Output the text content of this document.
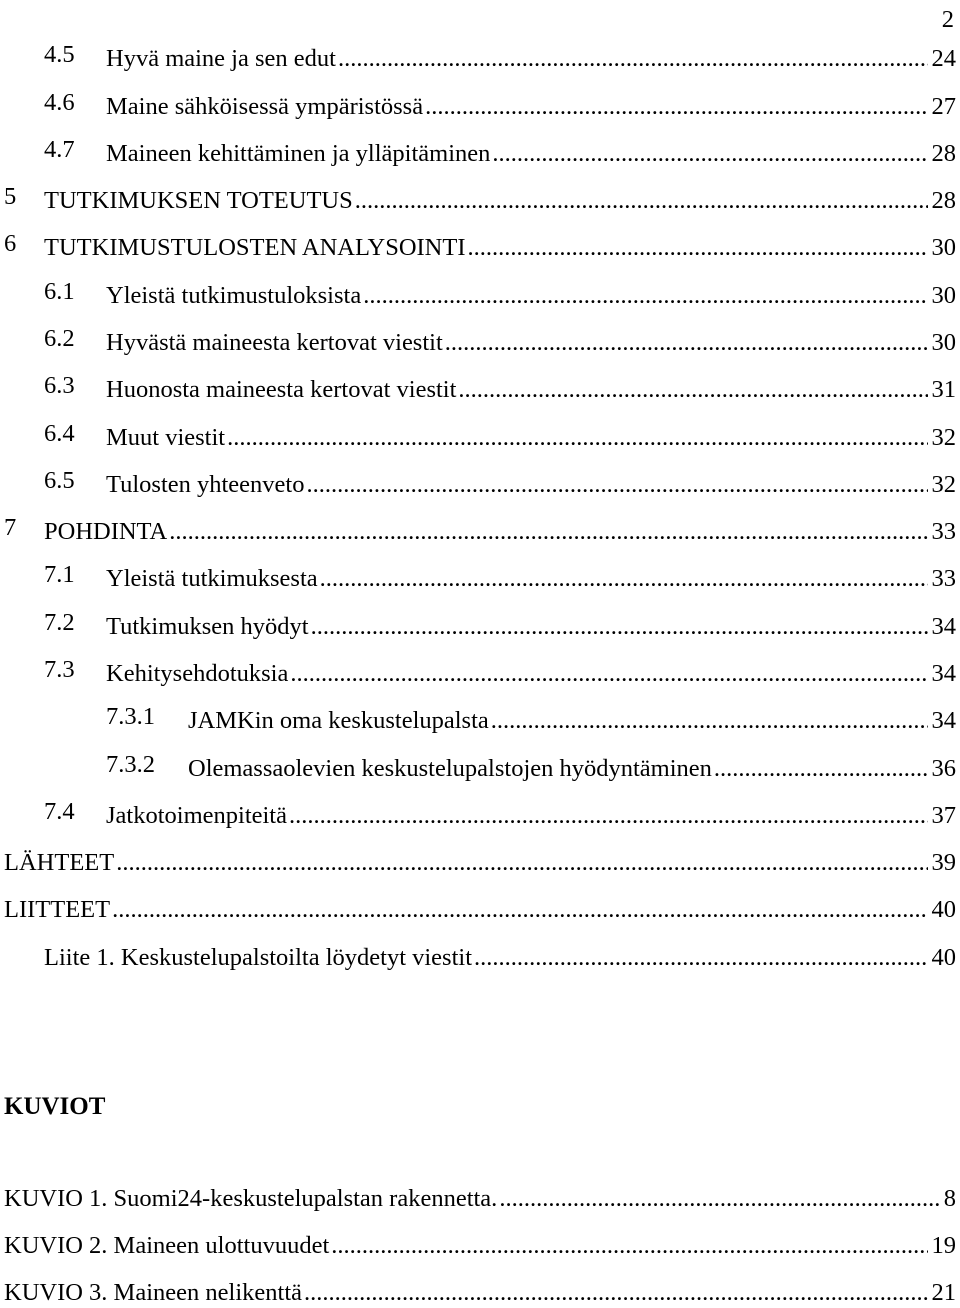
2
4.5 Hyvä maine ja sen edut .....	24
4.6 Maine sähköisessä ympäristössä .....	27
4.7 Maineen kehittäminen ja ylläpitäminen .....	28
5 TUTKIMUKSEN TOTEUTUS .....	28
6 TUTKIMUSTULOSTEN ANALYSOINTI .....	30
6.1 Yleistä tutkimustuloksista .....	30
6.2 Hyvästä maineesta kertovat viestit .....	30
6.3 Huonosta maineesta kertovat viestit .....	31
6.4 Muut viestit .....	32
6.5 Tulosten yhteenveto .....	32
7 POHDINTA .....	33
7.1 Yleistä tutkimuksesta .....	33
7.2 Tutkimuksen hyödyt .....	34
7.3 Kehitysehdotuksia .....	34
7.3.1 JAMKin oma keskustelupalsta .....	34
7.3.2 Olemassaolevien keskustelupalstojen hyödyntäminen .....	36
7.4 Jatkotoimenpiteitä .....	37
LÄHTEET .....	39
LIITTEET .....	40
Liite 1. Keskustelupalstoilta löydetyt viestit .....	40
KUVIOT
KUVIO 1. Suomi24-keskustelupalstan rakennetta. .....	8
KUVIO 2. Maineen ulottuvuudet .....	19
KUVIO 3. Maineen nelikenttä .....	21
